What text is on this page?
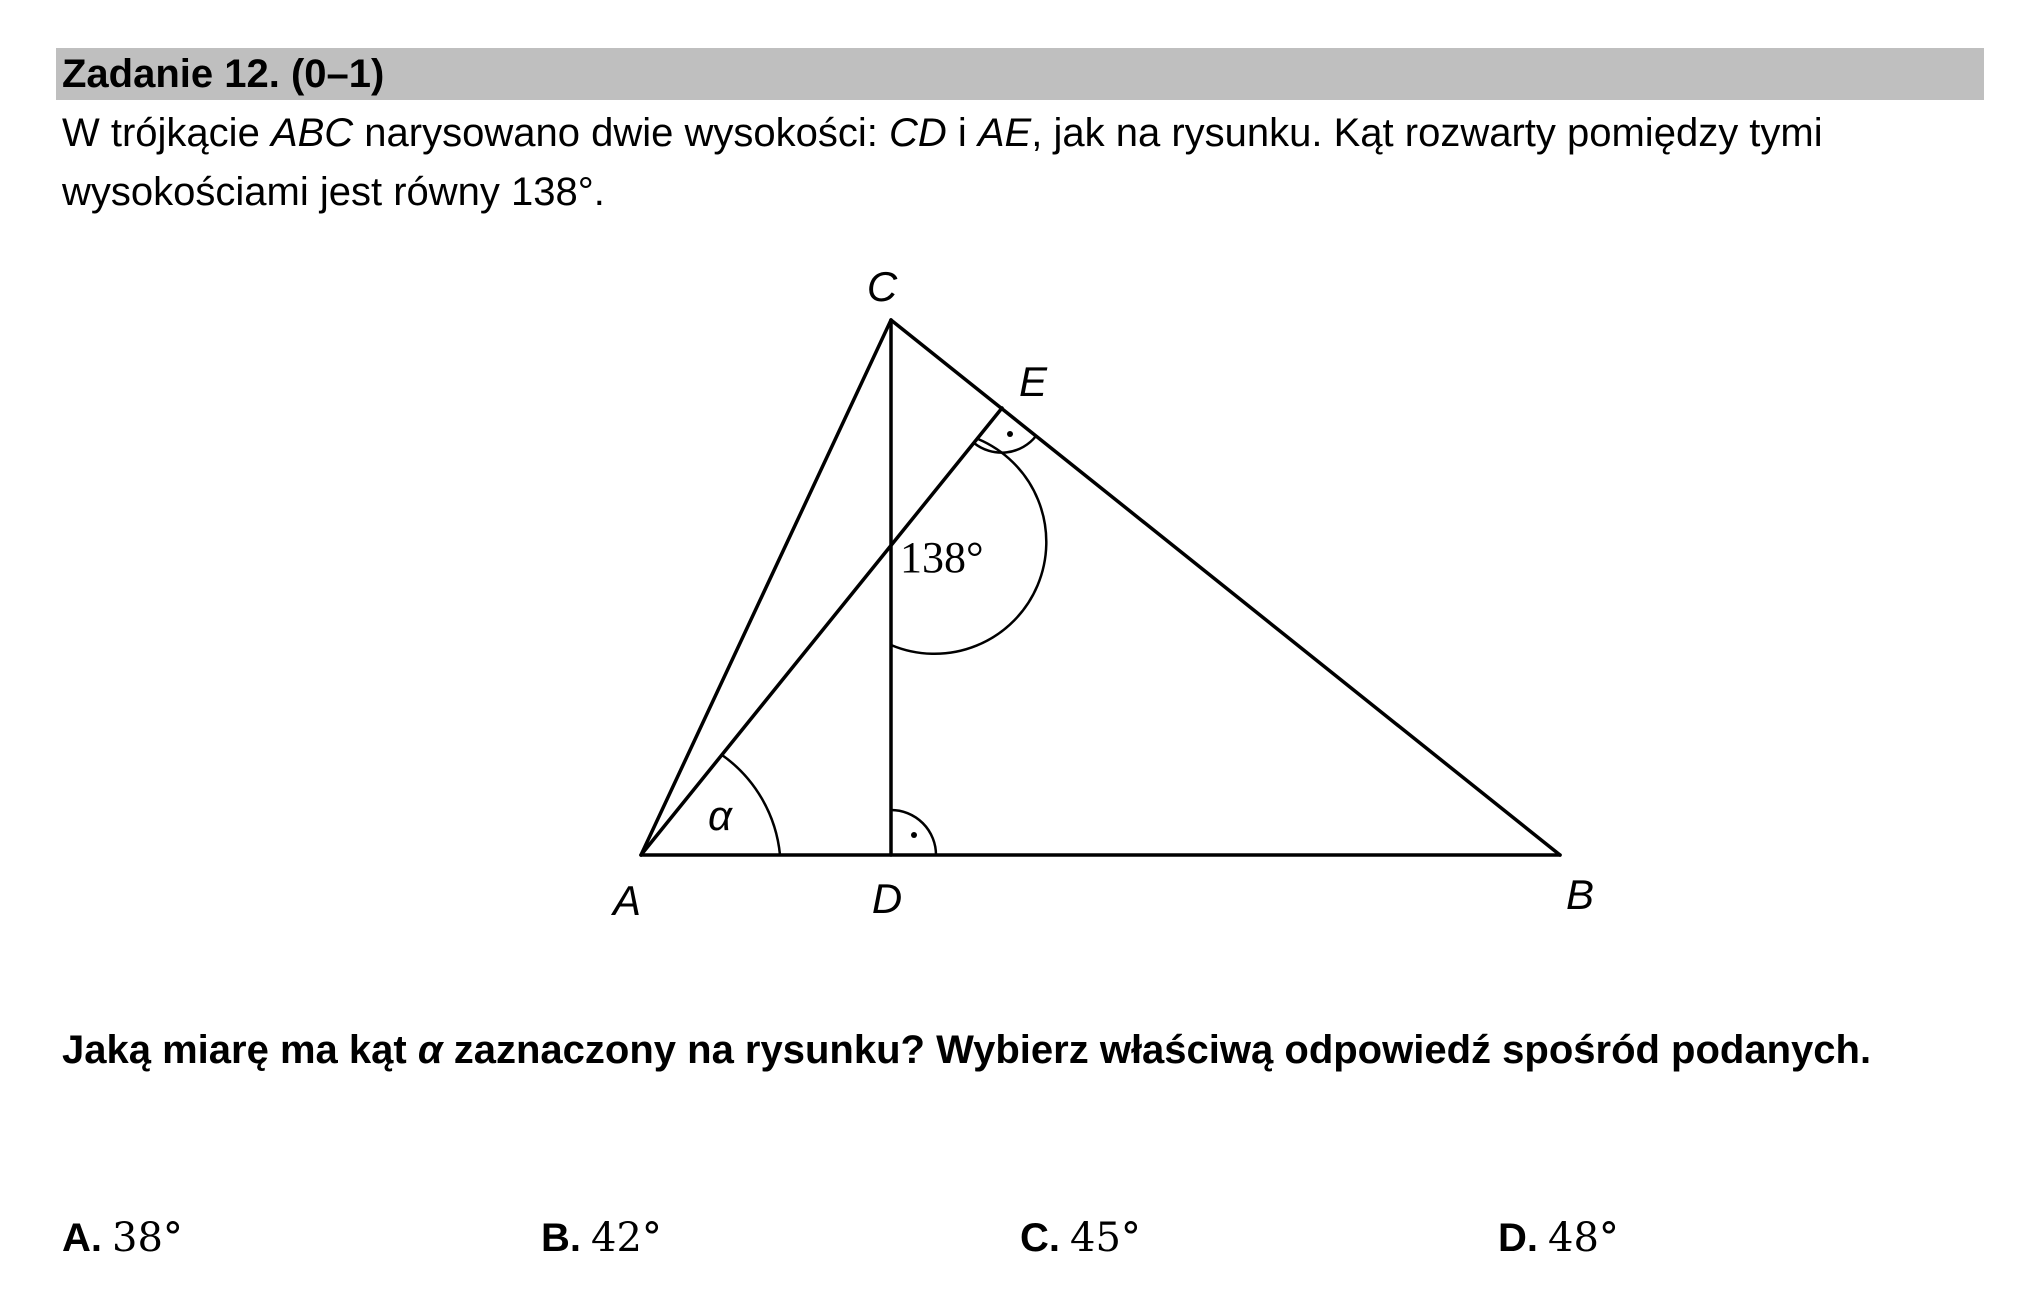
Zadanie 12. (0–1)
W trójkącie ABC narysowano dwie wysokości: CD i AE, jak na rysunku. Kąt rozwarty pomiędzy tymi wysokościami jest równy 138°.
C
E
A	D	B
α
138°
Jaką miarę ma kąt α zaznaczony na rysunku? Wybierz właściwą odpowiedź spośród podanych.
A. 38°	B. 42°	C. 45°	D. 48°
